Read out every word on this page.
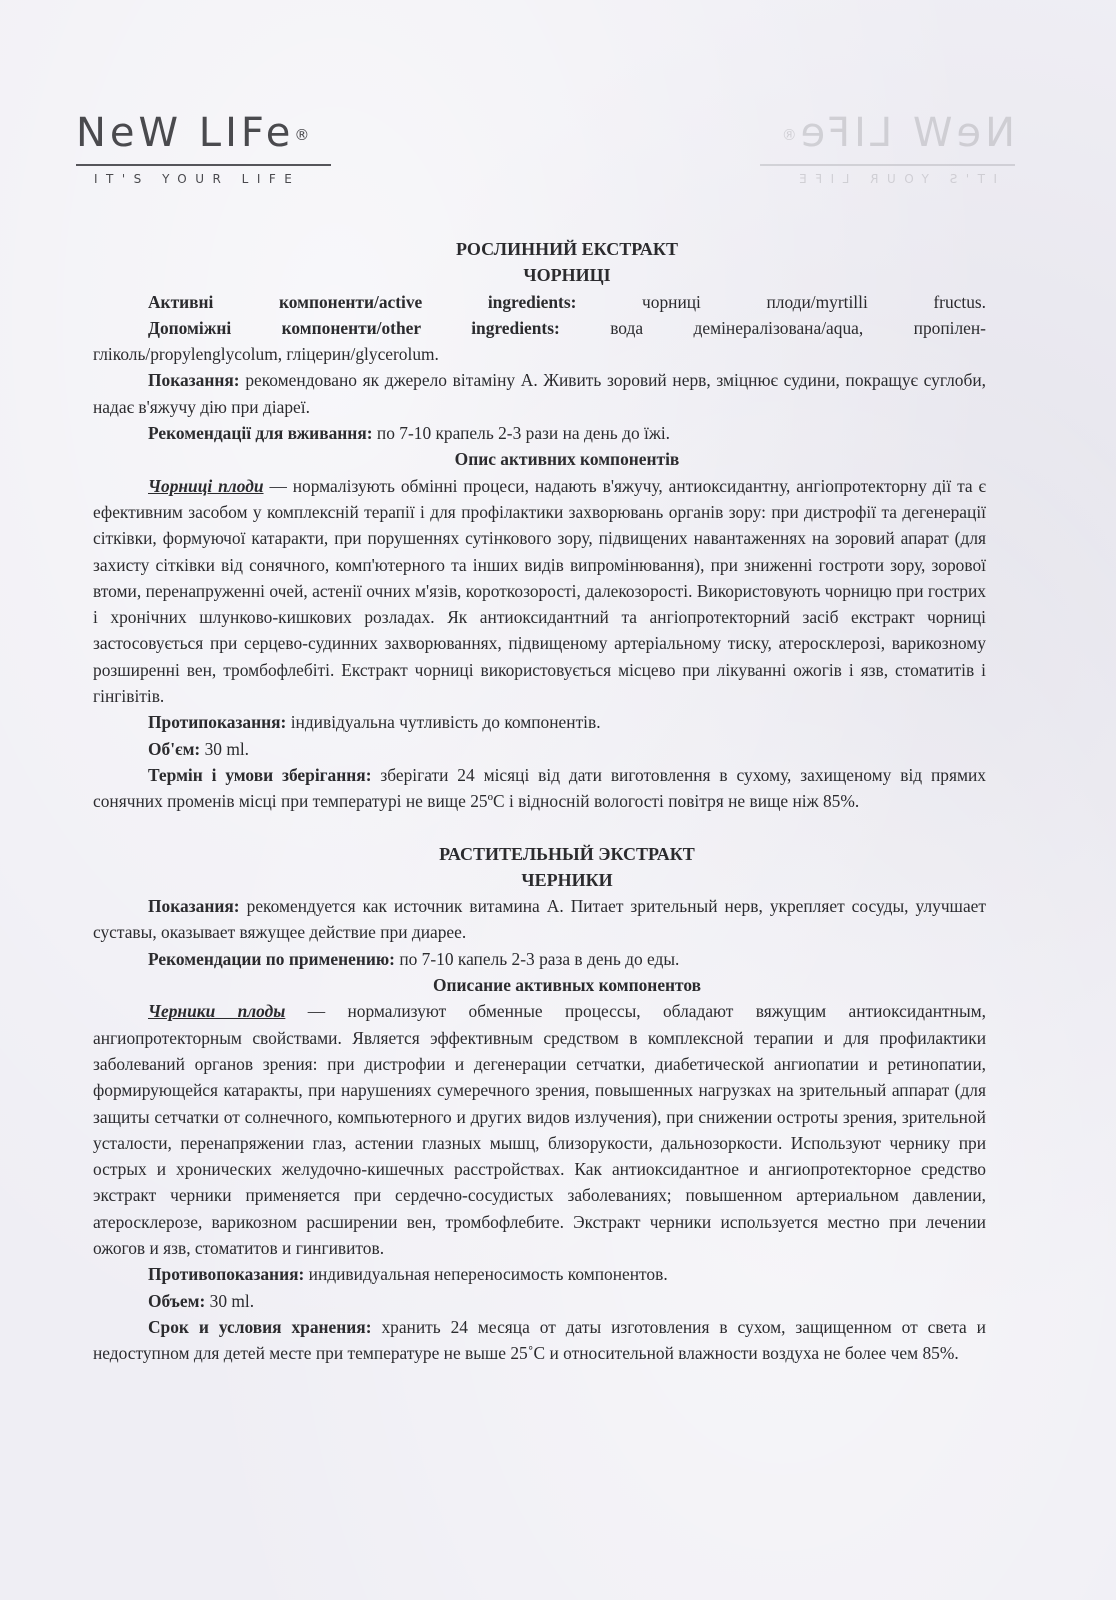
NeW LIFe®
IT'S YOUR LIFE
NeW LIFe®
IT'S YOUR LIFE

РОСЛИННИЙ ЕКСТРАКТ

ЧОРНИЦІ

Активні компоненти/active ingredients:	чорниці плоди/myrtilli fructus.

Допоміжні компоненти/other ingredients:	вода демінералізована/aqua, пропілен-

гліколь/propylenglycolum, гліцерин/glycerolum.

Показання: рекомендовано як джерело вітаміну А. Живить зоровий нерв, зміцнює судини, покращує суглоби, надає в'яжучу дію при діареї.

Рекомендації для вживання: по 7-10 крапель 2-3 рази на день до їжі.

Опис активних компонентів

Чорниці плоди — нормалізують обмінні процеси, надають в'яжучу, антиоксидантну, ангіопротекторну дії та є ефективним засобом у комплексній терапії і для профілактики захворювань органів зору: при дистрофії та дегенерації сітківки, формуючої катаракти, при порушеннях сутінкового зору, підвищених навантаженнях на зоровий апарат (для захисту сітківки від сонячного, комп'ютерного та інших видів випромінювання), при зниженні гостроти зору, зорової втоми, перенапруженні очей, астенії очних м'язів, короткозорості, далекозорості. Використовують чорницю при гострих і хронічних шлунково-кишкових розладах. Як антиоксидантний та ангіопротекторний засіб екстракт чорниці застосовується при серцево-судинних захворюваннях, підвищеному артеріальному тиску, атеросклерозі, варикозному розширенні вен, тромбофлебіті. Екстракт чорниці використовується місцево при лікуванні ожогів і язв, стоматитів і гінгівітів.

Протипоказання: індивідуальна чутливість до компонентів.

Об'єм: 30 ml.

Термін і умови зберігання: зберігати 24 місяці від дати виготовлення в сухому, захищеному від прямих сонячних променів місці при температурі не вище 25ºC і відносній вологості повітря не вище ніж 85%.

РАСТИТЕЛЬНЫЙ ЭКСТРАКТ

ЧЕРНИКИ

Показания: рекомендуется как источник витамина А. Питает зрительный нерв, укрепляет сосуды, улучшает суставы, оказывает вяжущее действие при диарее.

Рекомендации по применению: по 7-10 капель 2-3 раза в день до еды.

Описание активных компонентов

Черники плоды — нормализуют обменные процессы, обладают вяжущим антиоксидантным, ангиопротекторным свойствами. Является эффективным средством в комплексной терапии и для профилактики заболеваний органов зрения: при дистрофии и дегенерации сетчатки, диабетической ангиопатии и ретинопатии, формирующейся катаракты, при нарушениях сумеречного зрения, повышенных нагрузках на зрительный аппарат (для защиты сетчатки от солнечного, компьютерного и других видов излучения), при снижении остроты зрения, зрительной усталости, перенапряжении глаз, астении глазных мышц, близорукости, дальнозоркости. Используют чернику при острых и хронических желудочно-кишечных расстройствах. Как антиоксидантное и ангиопротекторное средство экстракт черники применяется при сердечно-сосудистых заболеваниях; повышенном артериальном давлении, атеросклерозе, варикозном расширении вен, тромбофлебите. Экстракт черники используется местно при лечении ожогов и язв, стоматитов и гингивитов.

Противопоказания: индивидуальная непереносимость компонентов.

Объем: 30 ml.

Срок и условия хранения: хранить 24 месяца от даты изготовления в сухом, защищенном от света и недоступном для детей месте при температуре не выше 25˚C и относительной влажности воздуха не более чем 85%.
